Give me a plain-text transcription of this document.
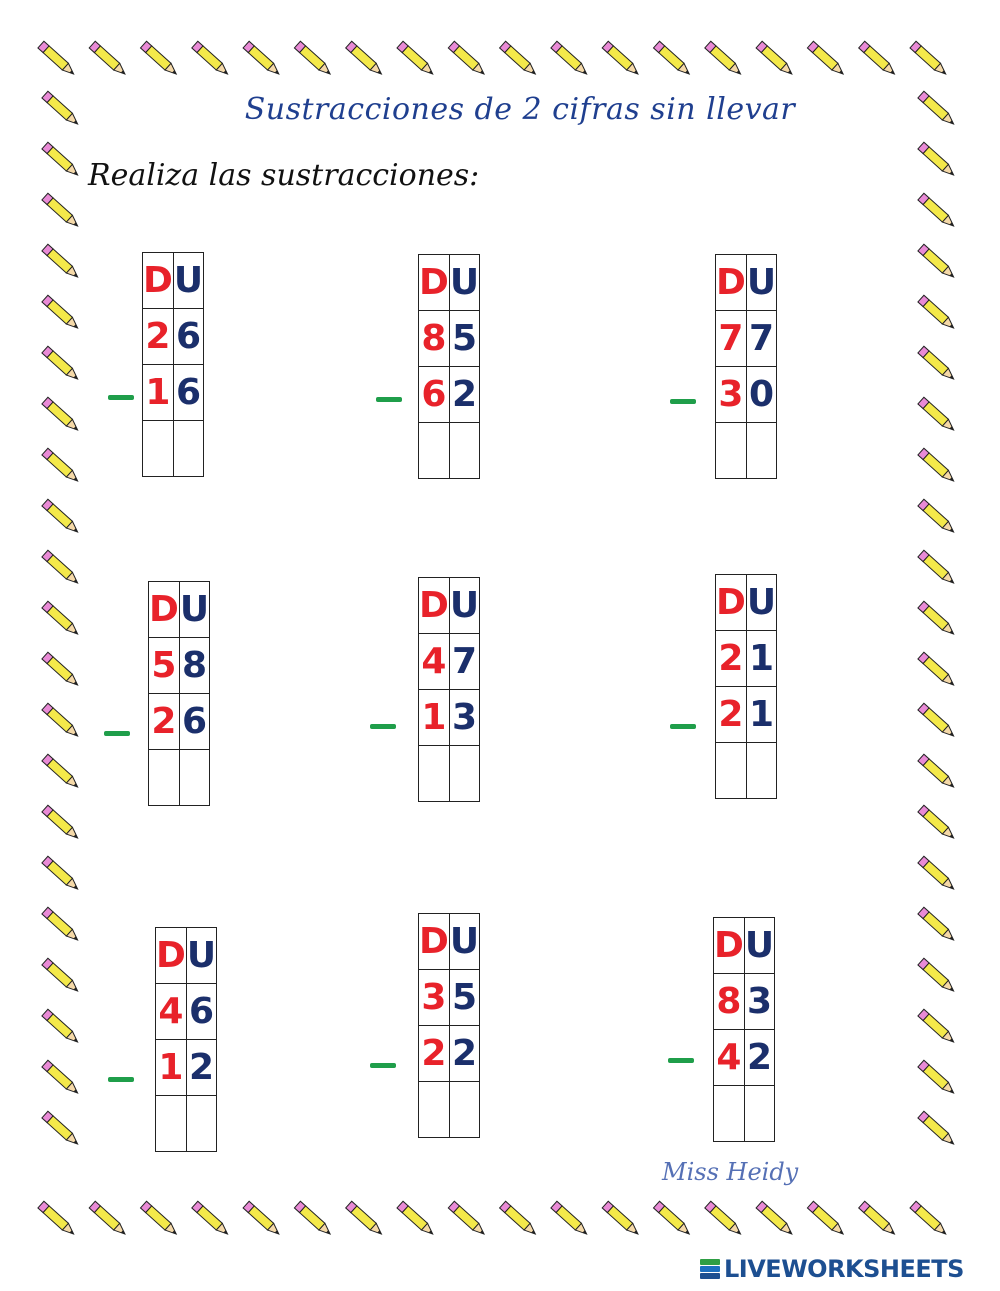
Sustracciones de 2 cifras sin llevar
Realiza las sustracciones:
D	U
2	6
1	6

D	U
8	5
6	2

D	U
7	7
3	0

D	U
5	8
2	6

D	U
4	7
1	3

D	U
2	1
2	1

D	U
4	6
1	2

D	U
3	5
2	2

D	U
8	3
4	2

Miss Heidy
LIVEWORKSHEETS
